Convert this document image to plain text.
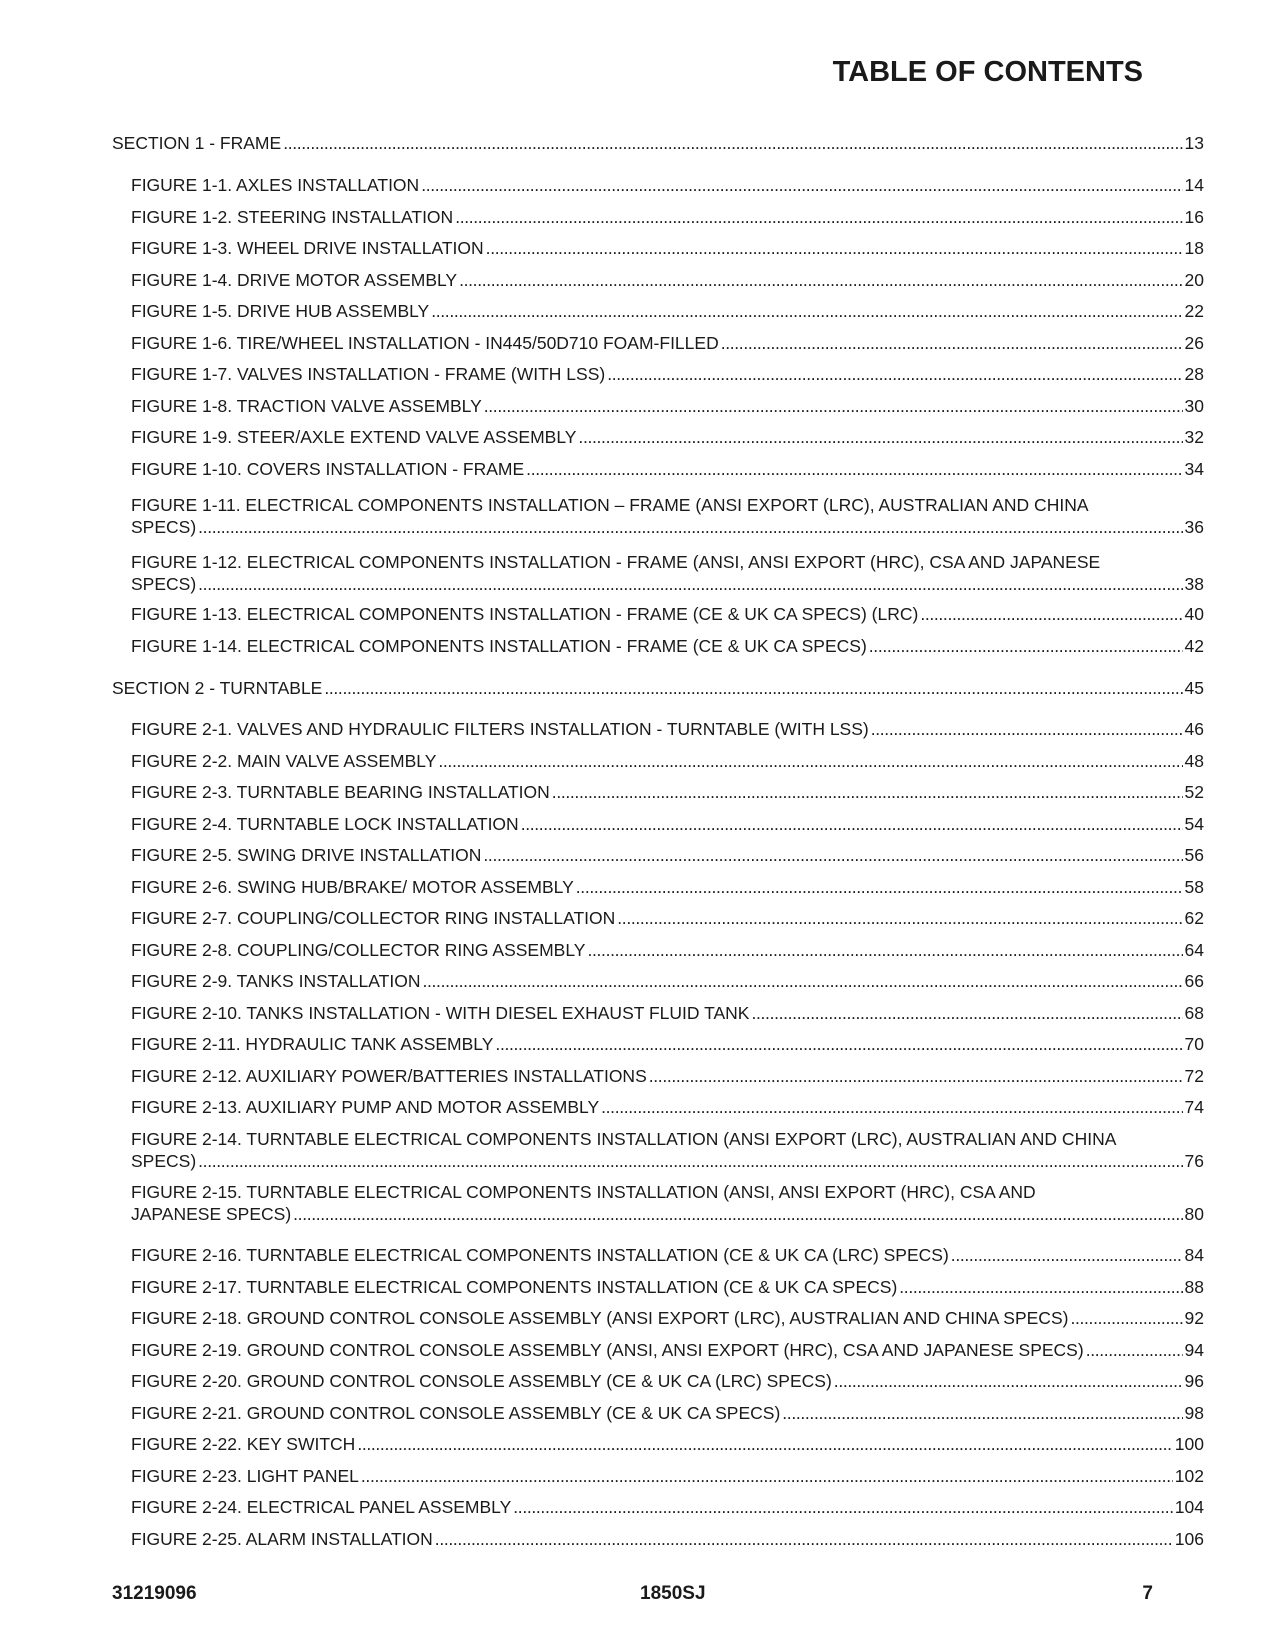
TABLE OF CONTENTS
SECTION 1 - FRAME . . .	13
FIGURE 1-1. AXLES INSTALLATION . . .	14
FIGURE 1-2. STEERING INSTALLATION . . .	16
FIGURE 1-3. WHEEL DRIVE INSTALLATION . . .	18
FIGURE 1-4. DRIVE MOTOR ASSEMBLY . . .	20
FIGURE 1-5. DRIVE HUB ASSEMBLY . . .	22
FIGURE 1-6. TIRE/WHEEL INSTALLATION - IN445/50D710 FOAM-FILLED . . .	26
FIGURE 1-7. VALVES INSTALLATION - FRAME (WITH LSS) . . .	28
FIGURE 1-8. TRACTION VALVE ASSEMBLY . . .	30
FIGURE 1-9. STEER/AXLE EXTEND VALVE ASSEMBLY . . .	32
FIGURE 1-10. COVERS INSTALLATION - FRAME . . .	34
FIGURE 1-11. ELECTRICAL COMPONENTS INSTALLATION – FRAME (ANSI EXPORT (LRC), AUSTRALIAN AND CHINA
SPECS) . . .	36
FIGURE 1-12. ELECTRICAL COMPONENTS INSTALLATION - FRAME (ANSI, ANSI EXPORT (HRC), CSA AND JAPANESE
SPECS) . . .	38
FIGURE 1-13. ELECTRICAL COMPONENTS INSTALLATION - FRAME (CE & UK CA SPECS) (LRC) . . .	40
FIGURE 1-14. ELECTRICAL COMPONENTS INSTALLATION - FRAME (CE & UK CA SPECS) . . .	42
SECTION 2 - TURNTABLE . . .	45
FIGURE 2-1. VALVES AND HYDRAULIC FILTERS INSTALLATION - TURNTABLE (WITH LSS) . . .	46
FIGURE 2-2. MAIN VALVE ASSEMBLY . . .	48
FIGURE 2-3. TURNTABLE BEARING INSTALLATION . . .	52
FIGURE 2-4. TURNTABLE LOCK INSTALLATION . . .	54
FIGURE 2-5. SWING DRIVE INSTALLATION . . .	56
FIGURE 2-6. SWING HUB/BRAKE/ MOTOR ASSEMBLY . . .	58
FIGURE 2-7. COUPLING/COLLECTOR RING INSTALLATION . . .	62
FIGURE 2-8. COUPLING/COLLECTOR RING ASSEMBLY . . .	64
FIGURE 2-9. TANKS INSTALLATION . . .	66
FIGURE 2-10. TANKS INSTALLATION - WITH DIESEL EXHAUST FLUID TANK . . .	68
FIGURE 2-11. HYDRAULIC TANK ASSEMBLY . . .	70
FIGURE 2-12. AUXILIARY POWER/BATTERIES INSTALLATIONS . . .	72
FIGURE 2-13. AUXILIARY PUMP AND MOTOR ASSEMBLY . . .	74
FIGURE 2-14. TURNTABLE ELECTRICAL COMPONENTS INSTALLATION (ANSI EXPORT (LRC), AUSTRALIAN AND CHINA
SPECS) . . .	76
FIGURE 2-15. TURNTABLE ELECTRICAL COMPONENTS INSTALLATION (ANSI, ANSI EXPORT (HRC), CSA AND
JAPANESE SPECS) . . .	80
FIGURE 2-16. TURNTABLE ELECTRICAL COMPONENTS INSTALLATION (CE & UK CA (LRC) SPECS) . . .	84
FIGURE 2-17. TURNTABLE ELECTRICAL COMPONENTS INSTALLATION (CE & UK CA SPECS) . . .	88
FIGURE 2-18. GROUND CONTROL CONSOLE ASSEMBLY (ANSI EXPORT (LRC), AUSTRALIAN AND CHINA SPECS) . . .	92
FIGURE 2-19. GROUND CONTROL CONSOLE ASSEMBLY (ANSI, ANSI EXPORT (HRC), CSA AND JAPANESE SPECS) . . .	94
FIGURE 2-20. GROUND CONTROL CONSOLE ASSEMBLY (CE & UK CA (LRC) SPECS) . . .	96
FIGURE 2-21. GROUND CONTROL CONSOLE ASSEMBLY (CE & UK CA SPECS) . . .	98
FIGURE 2-22. KEY SWITCH . . .	100
FIGURE 2-23. LIGHT PANEL . . .	102
FIGURE 2-24. ELECTRICAL PANEL ASSEMBLY . . .	104
FIGURE 2-25. ALARM INSTALLATION . . .	106
31219096	1850SJ	7
